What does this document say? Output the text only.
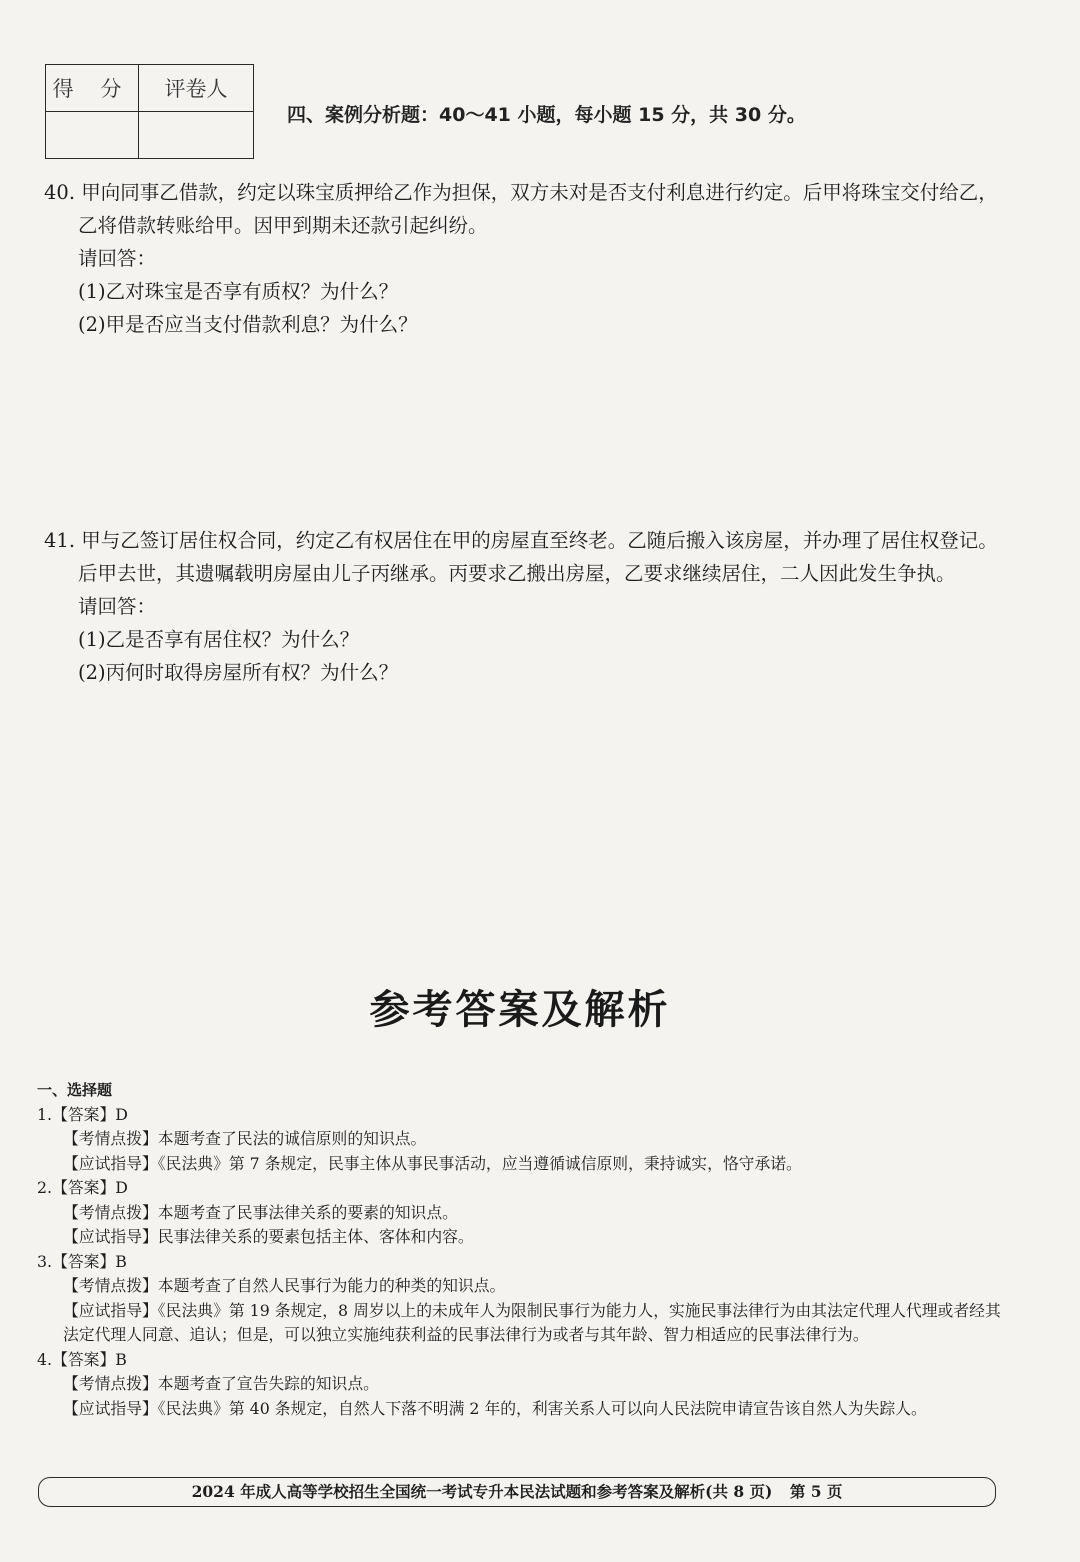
得 分	评卷人

四、案例分析题：40～41 小题，每小题 15 分，共 30 分。

40. 甲向同事乙借款，约定以珠宝质押给乙作为担保，双方未对是否支付利息进行约定。后甲将珠宝交付给乙，乙将借款转账给甲。因甲到期未还款引起纠纷。

请回答：

(1)乙对珠宝是否享有质权？为什么？

(2)甲是否应当支付借款利息？为什么？

41. 甲与乙签订居住权合同，约定乙有权居住在甲的房屋直至终老。乙随后搬入该房屋，并办理了居住权登记。后甲去世，其遗嘱载明房屋由儿子丙继承。丙要求乙搬出房屋，乙要求继续居住，二人因此发生争执。

请回答：

(1)乙是否享有居住权？为什么？

(2)丙何时取得房屋所有权？为什么？

参考答案及解析
一、选择题
1.【答案】D
【考情点拨】本题考查了民法的诚信原则的知识点。
【应试指导】《民法典》第 7 条规定，民事主体从事民事活动，应当遵循诚信原则，秉持诚实，恪守承诺。
2.【答案】D
【考情点拨】本题考查了民事法律关系的要素的知识点。
【应试指导】民事法律关系的要素包括主体、客体和内容。
3.【答案】B
【考情点拨】本题考查了自然人民事行为能力的种类的知识点。
【应试指导】《民法典》第 19 条规定，8 周岁以上的未成年人为限制民事行为能力人，实施民事法律行为由其法定代理人代理或者经其法定代理人同意、追认；但是，可以独立实施纯获利益的民事法律行为或者与其年龄、智力相适应的民事法律行为。
4.【答案】B
【考情点拨】本题考查了宣告失踪的知识点。
【应试指导】《民法典》第 40 条规定，自然人下落不明满 2 年的，利害关系人可以向人民法院申请宣告该自然人为失踪人。
2024 年成人高等学校招生全国统一考试专升本民法试题和参考答案及解析(共 8 页) 第 5 页
